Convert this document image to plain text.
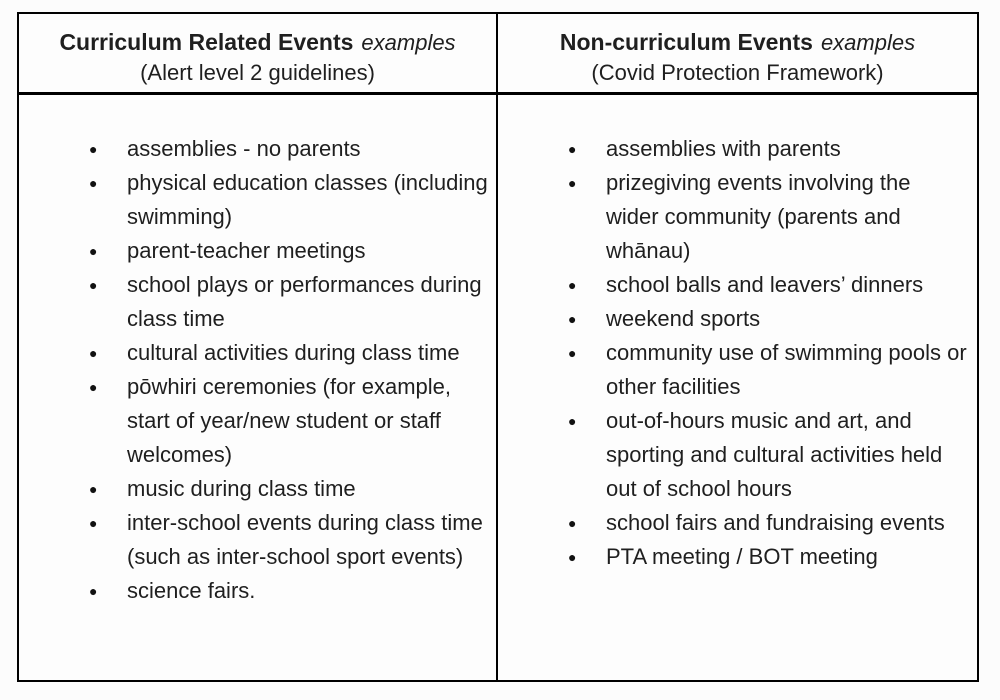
Curriculum Related Events examples
(Alert level 2 guidelines)
Non-curriculum Events examples
(Covid Protection Framework)
● assemblies - no parents
● physical education classes (including swimming)
● parent-teacher meetings
● school plays or performances during class time
● cultural activities during class time
● pōwhiri ceremonies (for example, start of year/new student or staff welcomes)
● music during class time
● inter-school events during class time (such as inter-school sport events)
● science fairs.
● assemblies with parents
● prizegiving events involving the wider community (parents and whānau)
● school balls and leavers’ dinners
● weekend sports
● community use of swimming pools or other facilities
● out-of-hours music and art, and sporting and cultural activities held out of school hours
● school fairs and fundraising events
● PTA meeting / BOT meeting
